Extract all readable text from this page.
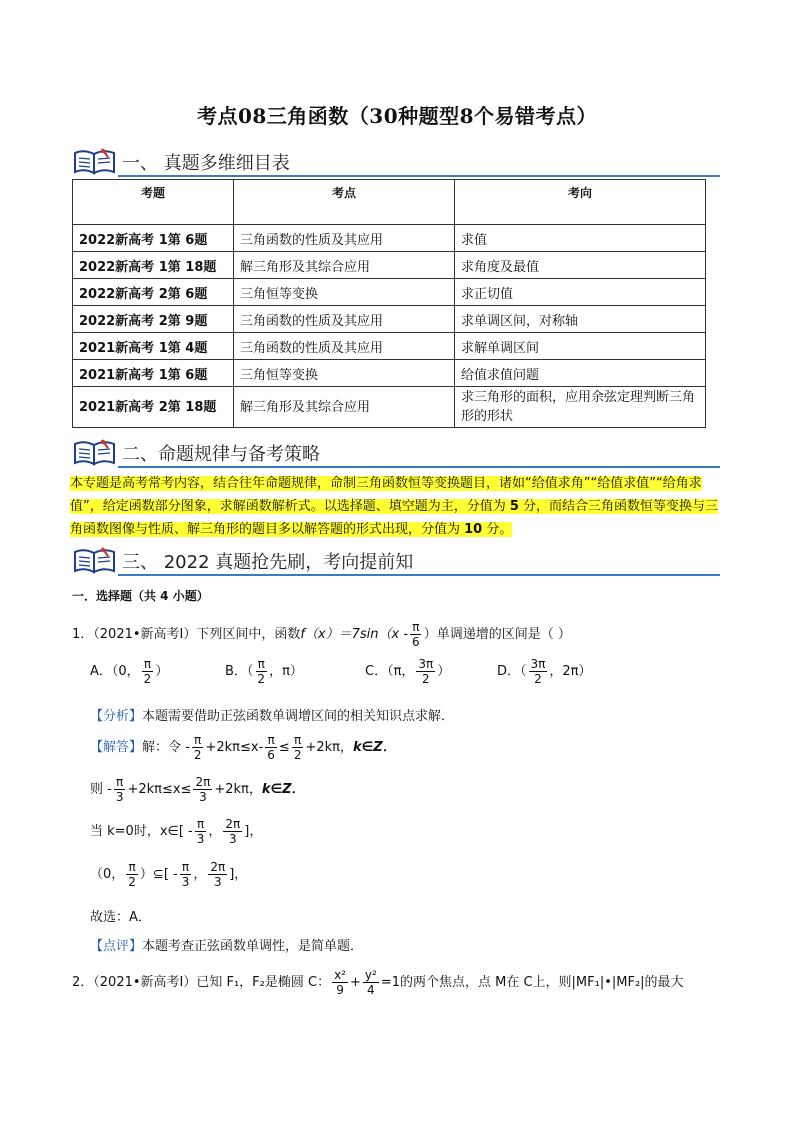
考点08三角函数（30种题型8个易错考点）
一、 真题多维细目表
考题	考点	考向
2022新高考 1第 6题	三角函数的性质及其应用	求值
2022新高考 1第 18题	解三角形及其综合应用	求角度及最值
2022新高考 2第 6题	三角恒等变换	求正切值
2022新高考 2第 9题	三角函数的性质及其应用	求单调区间，对称轴
2021新高考 1第 4题	三角函数的性质及其应用	求解单调区间
2021新高考 1第 6题	三角恒等变换	给值求值问题
2021新高考 2第 18题	解三角形及其综合应用	求三角形的面积，应用余弦定理判断三角形的形状
二、命题规律与备考策略
本专题是高考常考内容，结合往年命题规律，命制三角函数恒等变换题目，诸如“给值求角”“给值求值”“给角求值”，给定函数部分图象，求解函数解析式。以选择题、填空题为主，分值为 5 分，而结合三角函数恒等变换与三角函数图像与性质、解三角形的题目多以解答题的形式出现，分值为 10 分。
三、 2022 真题抢先刷，考向提前知
一．选择题（共 4 小题）
1．（2021•新高考Ⅰ）下列区间中，函数$f(x)=7\sin(x - \frac{\pi}{6}$ ）单调递增的区间是（ ）
A．（0， $\frac{\pi}{2}$ ）	B．（ $\frac{\pi}{2}$ ，π）	C．（π， $\frac{3\pi}{2}$ ）	D．（ $\frac{3\pi}{2}$ ，2π）
【分析】本题需要借助正弦函数单调增区间的相关知识点求解．
【解答】解：令 - $\frac{\pi}{2} +2k\pi\le x- \frac{\pi}{6} \le \frac{\pi}{2} +2k\pi$，k∈Z．
则 - $\frac{\pi}{3} +2k\pi\le x\le \frac{2\pi}{3} +2k\pi$，k∈Z．
当 k=0时，x∈[ - $\frac{\pi}{3}$ ， $\frac{2\pi}{3}$ ]，
（0， $\frac{\pi}{2}$ ）⊆[ - $\frac{\pi}{3}$ ， $\frac{2\pi}{3}$ ]，
故选：A．
【点评】本题考查正弦函数单调性，是简单题．
2．（2021•新高考Ⅰ）已知 F₁，F₂是椭圆 C： $\frac{\text{x²}}{9} + \frac{\text{y²}}{4} =1$的两个焦点，点 M在 C上，则|MF₁|•|MF₂|的最大
